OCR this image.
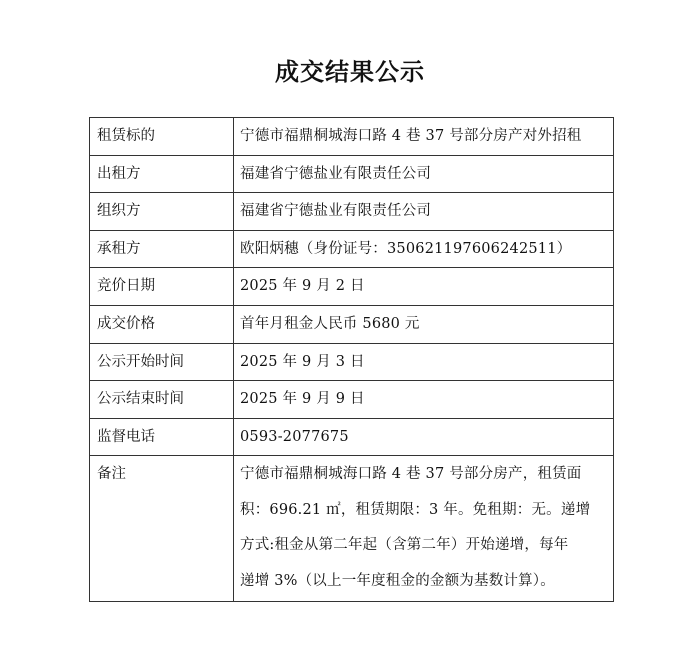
成交结果公示
租赁标的	宁德市福鼎桐城海口路 4 巷 37 号部分房产对外招租
出租方	福建省宁德盐业有限责任公司
组织方	福建省宁德盐业有限责任公司
承租方	欧阳炳穗（身份证号：350621197606242511）
竞价日期	2025 年 9 月 2 日
成交价格	首年月租金人民币 5680 元
公示开始时间	2025 年 9 月 3 日
公示结束时间	2025 年 9 月 9 日
监督电话	0593-2077675
备注	宁德市福鼎桐城海口路 4 巷 37 号部分房产，租赁面
积：696.21 ㎡，租赁期限：3 年。免租期：无。递增
方式:租金从第二年起（含第二年）开始递增，每年
递增 3%（以上一年度租金的金额为基数计算）。
